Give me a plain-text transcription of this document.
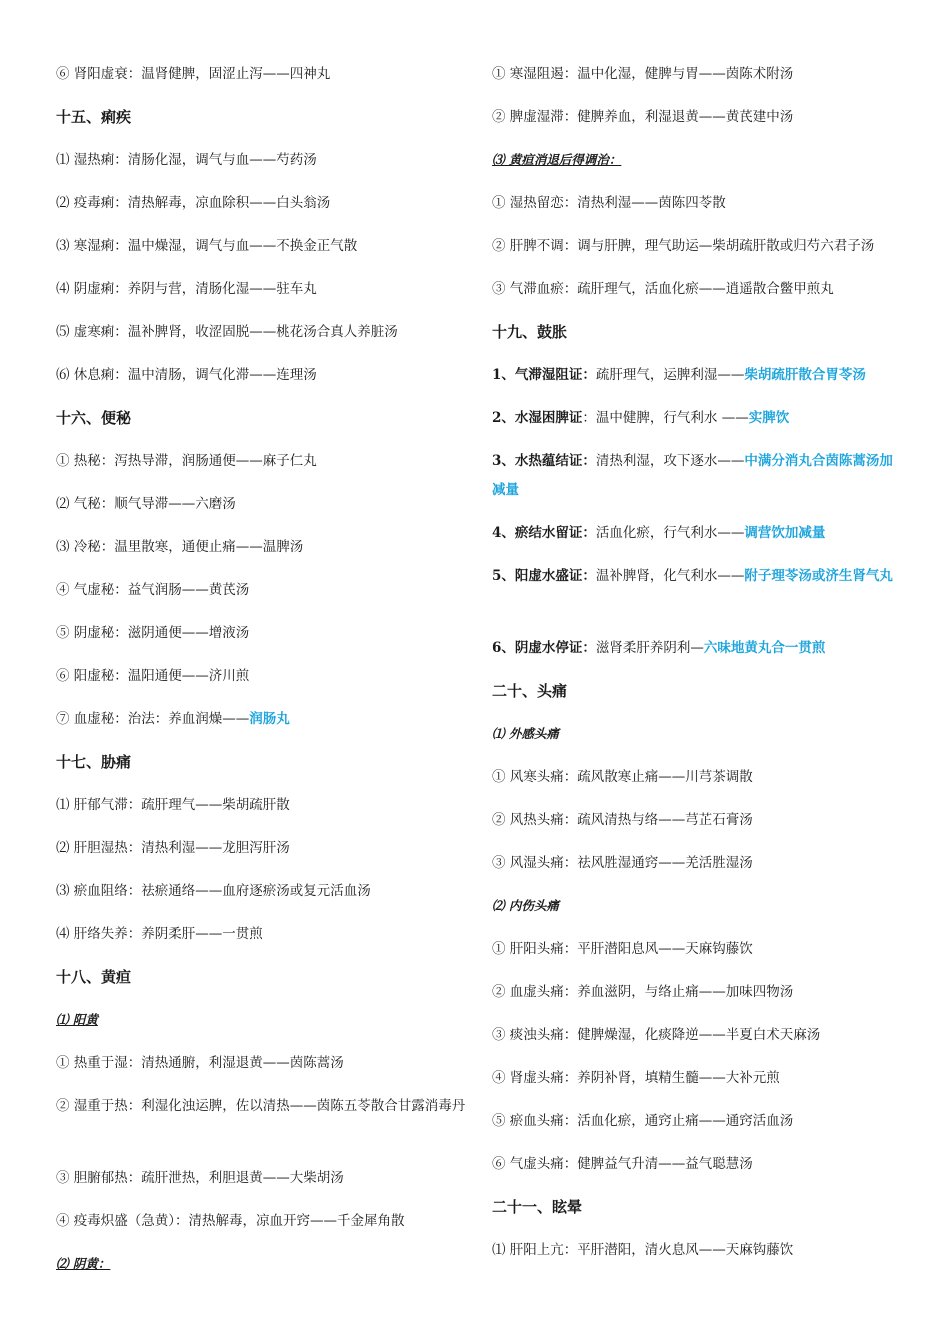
⑥ 肾阳虚衰：温肾健脾，固涩止泻——四神丸
十五、痢疾
⑴ 湿热痢：清肠化湿，调气与血——芍药汤
⑵ 疫毒痢：清热解毒，凉血除积——白头翁汤
⑶ 寒湿痢：温中燥湿，调气与血——不换金正气散
⑷ 阴虚痢：养阴与营，清肠化湿——驻车丸
⑸ 虚寒痢：温补脾肾，收涩固脱——桃花汤合真人养脏汤
⑹ 休息痢：温中清肠，调气化滞——连理汤
十六、便秘
① 热秘：泻热导滞，润肠通便——麻子仁丸
⑵ 气秘：顺气导滞——六磨汤
⑶ 冷秘：温里散寒，通便止痛——温脾汤
④ 气虚秘：益气润肠——黄芪汤
⑤ 阴虚秘：滋阴通便——增液汤
⑥ 阳虚秘：温阳通便——济川煎
⑦ 血虚秘：治法：养血润燥——润肠丸
十七、胁痛
⑴ 肝郁气滞：疏肝理气——柴胡疏肝散
⑵ 肝胆湿热：清热利湿——龙胆泻肝汤
⑶ 瘀血阻络：祛瘀通络——血府逐瘀汤或复元活血汤
⑷ 肝络失养：养阴柔肝——一贯煎
十八、黄疸
⑴ 阳黄
① 热重于湿：清热通腑，利湿退黄——茵陈蒿汤
② 湿重于热：利湿化浊运脾，佐以清热——茵陈五苓散合甘露消毒丹
③ 胆腑郁热：疏肝泄热，利胆退黄——大柴胡汤
④ 疫毒炽盛（急黄）：清热解毒，凉血开窍——千金犀角散
⑵ 阴黄：
① 寒湿阻遏：温中化湿，健脾与胃——茵陈术附汤
② 脾虚湿滞：健脾养血，利湿退黄——黄芪建中汤
⑶ 黄疸消退后得调治：
① 湿热留恋：清热利湿——茵陈四苓散
② 肝脾不调：调与肝脾，理气助运—柴胡疏肝散或归芍六君子汤
③ 气滞血瘀：疏肝理气，活血化瘀——逍遥散合鳖甲煎丸
十九、鼓胀
1、气滞湿阻证：疏肝理气，运脾利湿——柴胡疏肝散合胃苓汤
2、水湿困脾证：温中健脾，行气利水 ——实脾饮
3、水热蕴结证：清热利湿，攻下逐水——中满分消丸合茵陈蒿汤加减量
4、瘀结水留证：活血化瘀，行气利水——调营饮加减量
5、阳虚水盛证：温补脾肾，化气利水——附子理苓汤或济生肾气丸
6、阴虚水停证：滋肾柔肝养阴利—六味地黄丸合一贯煎
二十、头痛
⑴ 外感头痛
① 风寒头痛：疏风散寒止痛——川芎茶调散
② 风热头痛：疏风清热与络——芎芷石膏汤
③ 风湿头痛：祛风胜湿通窍——羌活胜湿汤
⑵ 内伤头痛
① 肝阳头痛：平肝潜阳息风——天麻钩藤饮
② 血虚头痛：养血滋阴，与络止痛——加味四物汤
③ 痰浊头痛：健脾燥湿，化痰降逆——半夏白术天麻汤
④ 肾虚头痛：养阴补肾，填精生髓——大补元煎
⑤ 瘀血头痛：活血化瘀，通窍止痛——通窍活血汤
⑥ 气虚头痛：健脾益气升清——益气聪慧汤
二十一、眩晕
⑴ 肝阳上亢：平肝潜阳，清火息风——天麻钩藤饮
